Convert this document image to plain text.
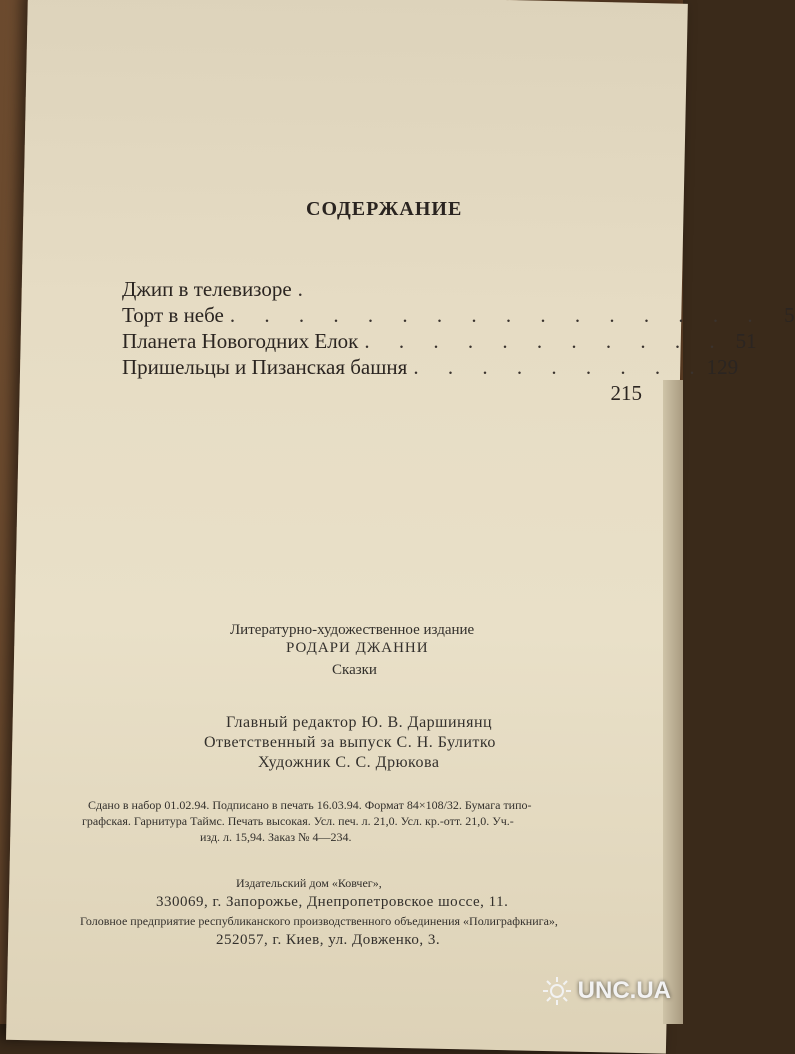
СОДЕРЖАНИЕ
Джип в телевизоре .
Торт в небе . . . . . . . . . . . . . . . . 5
Планета Новогодних Елок . . . . . . . . . . . 51
Пришельцы и Пизанская башня . . . . . . . . . 129
215
Литературно-художественное издание
РОДАРИ ДЖАННИ
Сказки
Главный редактор Ю. В. Даршинянц
Ответственный за выпуск С. Н. Булитко
Художник С. С. Дрюкова
Сдано в набор 01.02.94. Подписано в печать 16.03.94. Формат 84×108/32. Бумага типо-
графская. Гарнитура Таймс. Печать высокая. Усл. печ. л. 21,0. Усл. кр.-отт. 21,0. Уч.-
изд. л. 15,94. Заказ № 4—234.
Издательский дом «Ковчег»,
330069, г. Запорожье, Днепропетровское шоссе, 11.
Головное предприятие республиканского производственного объединения «Полиграфкнига»,
252057, г. Киев, ул. Довженко, 3.
UNC.UA
